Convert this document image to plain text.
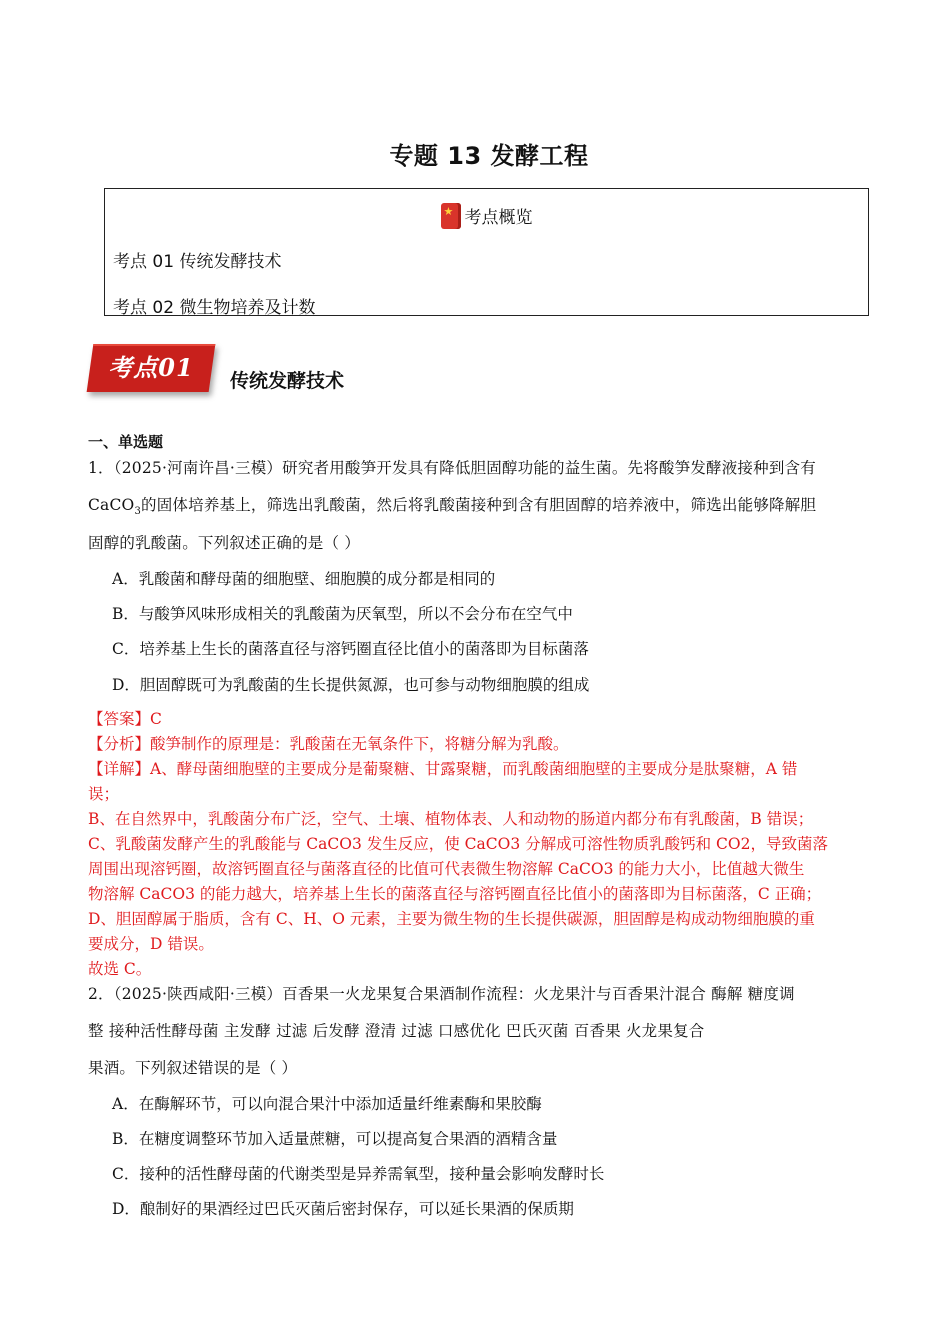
专题 13 发酵工程
★考点概览
考点 01 传统发酵技术
考点 02 微生物培养及计数
考点01	传统发酵技术
一、单选题
1．（2025·河南许昌·三模）研究者用酸笋开发具有降低胆固醇功能的益生菌。先将酸笋发酵液接种到含有
CaCO$_3$的固体培养基上，筛选出乳酸菌，然后将乳酸菌接种到含有胆固醇的培养液中，筛选出能够降解胆
固醇的乳酸菌。下列叙述正确的是（ ）
A．乳酸菌和酵母菌的细胞壁、细胞膜的成分都是相同的
B．与酸笋风味形成相关的乳酸菌为厌氧型，所以不会分布在空气中
C．培养基上生长的菌落直径与溶钙圈直径比值小的菌落即为目标菌落
D．胆固醇既可为乳酸菌的生长提供氮源，也可参与动物细胞膜的组成
【答案】C
【分析】酸笋制作的原理是：乳酸菌在无氧条件下，将糖分解为乳酸。
【详解】A、酵母菌细胞壁的主要成分是葡聚糖、甘露聚糖，而乳酸菌细胞壁的主要成分是肽聚糖，A 错
误；
B、在自然界中，乳酸菌分布广泛，空气、土壤、植物体表、人和动物的肠道内都分布有乳酸菌，B 错误；
C、乳酸菌发酵产生的乳酸能与 CaCO3 发生反应，使 CaCO3 分解成可溶性物质乳酸钙和 CO2，导致菌落
周围出现溶钙圈，故溶钙圈直径与菌落直径的比值可代表微生物溶解 CaCO3 的能力大小，比值越大微生
物溶解 CaCO3 的能力越大，培养基上生长的菌落直径与溶钙圈直径比值小的菌落即为目标菌落，C 正确；
D、胆固醇属于脂质，含有 C、H、O 元素，主要为微生物的生长提供碳源，胆固醇是构成动物细胞膜的重
要成分，D 错误。
故选 C。
2．（2025·陕西咸阳·三模）百香果一火龙果复合果酒制作流程：火龙果汁与百香果汁混合 酶解 糖度调
整 接种活性酵母菌 主发酵 过滤 后发酵 澄清 过滤 口感优化 巴氏灭菌 百香果 火龙果复合
果酒。下列叙述错误的是（ ）
A．在酶解环节，可以向混合果汁中添加适量纤维素酶和果胶酶
B．在糖度调整环节加入适量蔗糖，可以提高复合果酒的酒精含量
C．接种的活性酵母菌的代谢类型是异养需氧型，接种量会影响发酵时长
D．酿制好的果酒经过巴氏灭菌后密封保存，可以延长果酒的保质期
